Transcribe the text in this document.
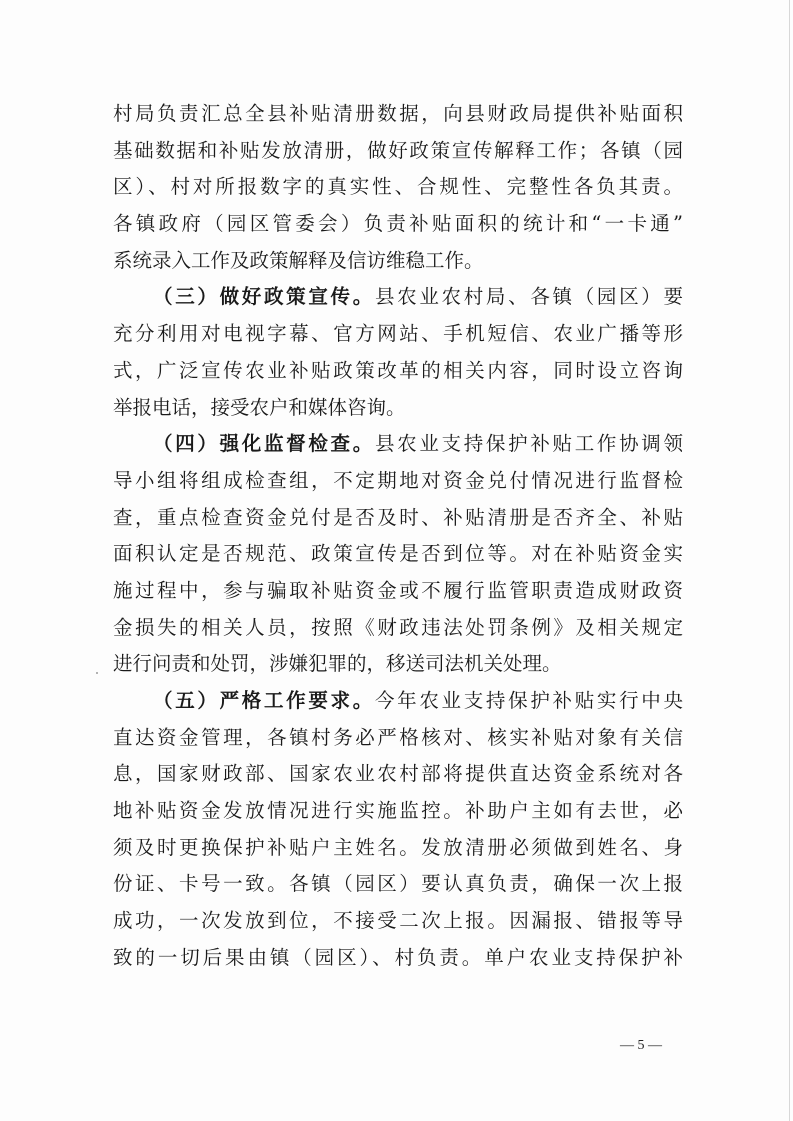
村局负责汇总全县补贴清册数据，向县财政局提供补贴面积
基础数据和补贴发放清册，做好政策宣传解释工作；各镇（园
区）、村对所报数字的真实性、合规性、完整性各负其责。
各镇政府（园区管委会）负责补贴面积的统计和“一卡通”
系统录入工作及政策解释及信访维稳工作。
（三）做好政策宣传。县农业农村局、各镇（园区）要
充分利用对电视字幕、官方网站、手机短信、农业广播等形
式，广泛宣传农业补贴政策改革的相关内容，同时设立咨询
举报电话，接受农户和媒体咨询。
（四）强化监督检查。县农业支持保护补贴工作协调领
导小组将组成检查组，不定期地对资金兑付情况进行监督检
查，重点检查资金兑付是否及时、补贴清册是否齐全、补贴
面积认定是否规范、政策宣传是否到位等。对在补贴资金实
施过程中，参与骗取补贴资金或不履行监管职责造成财政资
金损失的相关人员，按照《财政违法处罚条例》及相关规定
进行问责和处罚，涉嫌犯罪的，移送司法机关处理。
（五）严格工作要求。今年农业支持保护补贴实行中央
直达资金管理，各镇村务必严格核对、核实补贴对象有关信
息，国家财政部、国家农业农村部将提供直达资金系统对各
地补贴资金发放情况进行实施监控。补助户主如有去世，必
须及时更换保护补贴户主姓名。发放清册必须做到姓名、身
份证、卡号一致。各镇（园区）要认真负责，确保一次上报
成功，一次发放到位，不接受二次上报。因漏报、错报等导
致的一切后果由镇（园区）、村负责。单户农业支持保护补
— 5 —
